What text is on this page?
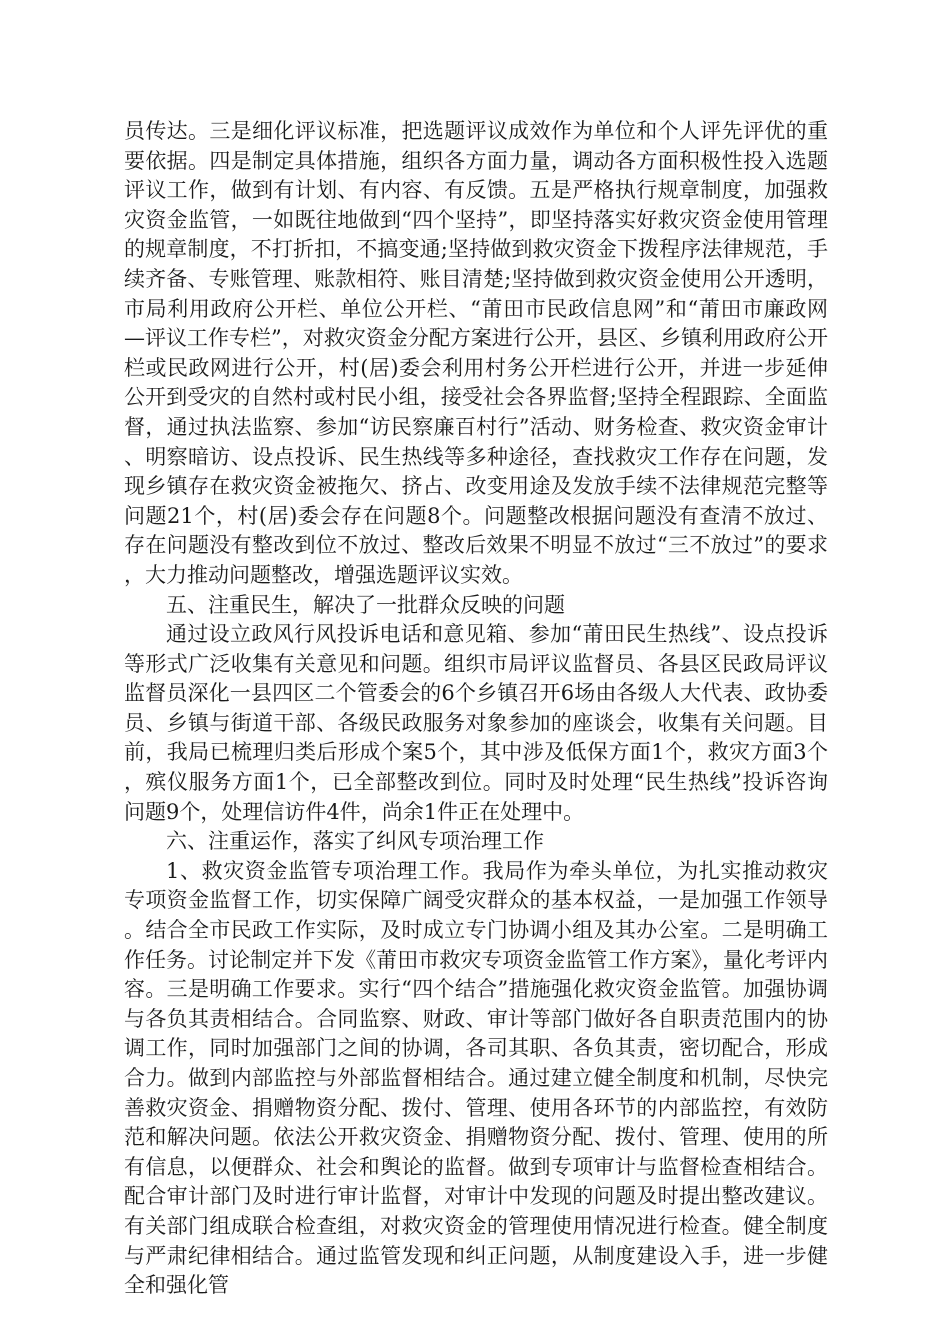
员传达。三是细化评议标准，把选题评议成效作为单位和个人评先评优的重要依据。四是制定具体措施，组织各方面力量，调动各方面积极性投入选题评议工作，做到有计划、有内容、有反馈。五是严格执行规章制度，加强救灾资金监管，一如既往地做到“四个坚持”，即坚持落实好救灾资金使用管理的规章制度，不打折扣，不搞变通;坚持做到救灾资金下拨程序法律规范，手续齐备、专账管理、账款相符、账目清楚;坚持做到救灾资金使用公开透明，市局利用政府公开栏、单位公开栏、“莆田市民政信息网”和“莆田市廉政网—评议工作专栏”，对救灾资金分配方案进行公开，县区、乡镇利用政府公开栏或民政网进行公开，村(居)委会利用村务公开栏进行公开，并进一步延伸公开到受灾的自然村或村民小组，接受社会各界监督;坚持全程跟踪、全面监督，通过执法监察、参加“访民察廉百村行”活动、财务检查、救灾资金审计、明察暗访、设点投诉、民生热线等多种途径，查找救灾工作存在问题，发现乡镇存在救灾资金被拖欠、挤占、改变用途及发放手续不法律规范完整等问题21个，村(居)委会存在问题8个。问题整改根据问题没有查清不放过、存在问题没有整改到位不放过、整改后效果不明显不放过“三不放过”的要求，大力推动问题整改，增强选题评议实效。

五、注重民生，解决了一批群众反映的问题

通过设立政风行风投诉电话和意见箱、参加“莆田民生热线”、设点投诉等形式广泛收集有关意见和问题。组织市局评议监督员、各县区民政局评议监督员深化一县四区二个管委会的6个乡镇召开6场由各级人大代表、政协委员、乡镇与街道干部、各级民政服务对象参加的座谈会，收集有关问题。目前，我局已梳理归类后形成个案5个，其中涉及低保方面1个，救灾方面3个，殡仪服务方面1个，已全部整改到位。同时及时处理“民生热线”投诉咨询问题9个，处理信访件4件，尚余1件正在处理中。

六、注重运作，落实了纠风专项治理工作

1、救灾资金监管专项治理工作。我局作为牵头单位，为扎实推动救灾专项资金监督工作，切实保障广阔受灾群众的基本权益，一是加强工作领导。结合全市民政工作实际，及时成立专门协调小组及其办公室。二是明确工作任务。讨论制定并下发《莆田市救灾专项资金监管工作方案》，量化考评内容。三是明确工作要求。实行“四个结合”措施强化救灾资金监管。加强协调与各负其责相结合。合同监察、财政、审计等部门做好各自职责范围内的协调工作，同时加强部门之间的协调，各司其职、各负其责，密切配合，形成合力。做到内部监控与外部监督相结合。通过建立健全制度和机制，尽快完善救灾资金、捐赠物资分配、拨付、管理、使用各环节的内部监控，有效防范和解决问题。依法公开救灾资金、捐赠物资分配、拨付、管理、使用的所有信息，以便群众、社会和舆论的监督。做到专项审计与监督检查相结合。配合审计部门及时进行审计监督，对审计中发现的问题及时提出整改建议。有关部门组成联合检查组，对救灾资金的管理使用情况进行检查。健全制度与严肃纪律相结合。通过监管发现和纠正问题，从制度建设入手，进一步健全和强化管
